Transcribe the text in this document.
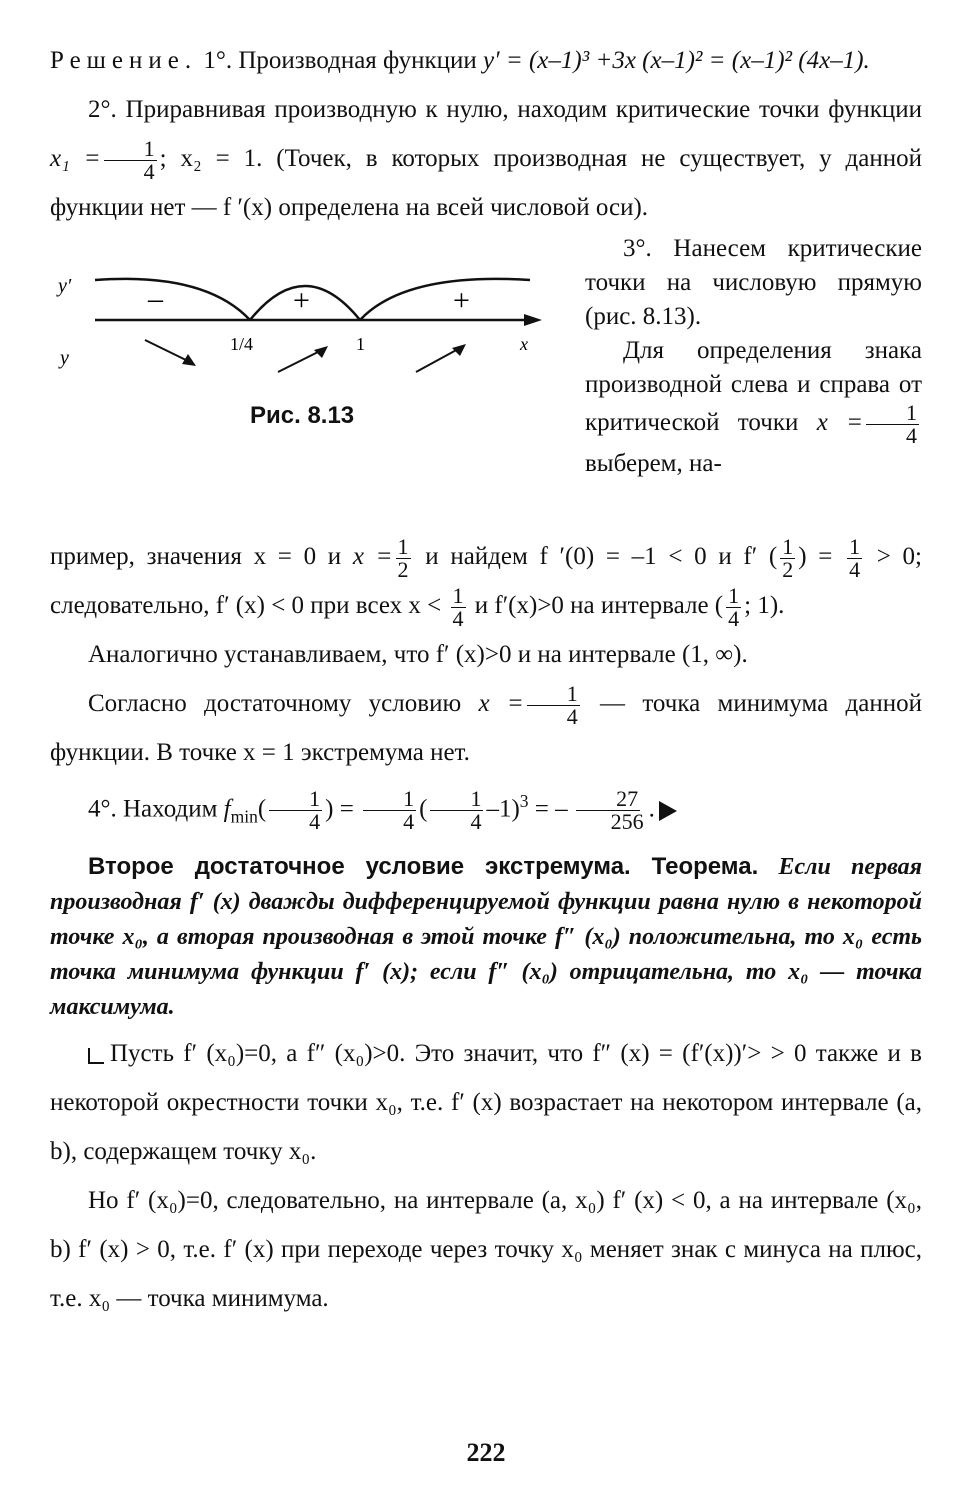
Решение. 1°. Производная функции y′ = (x–1)³ +3x (x–1)² = (x–1)² (4x–1).

2°. Приравнивая производную к нулю, находим критические точки функции $x_1 = \frac{1}{4}$ ; x₂ = 1. (Точек, в которых производная не существует, у данной функции нет — f ′(x) определена на всей числовой оси).

y′
y
–	+	+
1/4	1	x
Рис. 8.13

3°. Нанесем критические точки на числовую прямую (рис. 8.13).

Для определения знака производной слева и справа от критической точки $x = \frac{1}{4}$
выберем, на-

пример, значения x = 0 и $x = \frac{1}{2}$ и найдем f ′(0) = –1 < 0 и f′ ( $\frac{1}{2}$ ) = $\frac{1}{4} > 0$; следовательно, f′ (x) < 0 при всех $x < \frac{1}{4}$ и f′(x)>0 на интервале ( $\frac{1}{4}$ ; 1).

Аналогично устанавливаем, что f′ (x)>0 и на интервале (1, ∞).

Согласно достаточному условию $x = \frac{1}{4}$ — точка минимума данной функции. В точке x = 1 экстремума нет.

4°. Находим $f_{min}( \frac{1}{4}$ ) = $\frac{1}{4}$ ( $\frac{1}{4} -1)^3$ = – $\frac{27}{256}$ .

Второе достаточное условие экстремума. Теорема. Если первая производная f′ (x) дважды дифференцируемой функции равна нулю в некоторой точке x₀, а вторая производная в этой точке f″ (x₀) положительна, то x₀ есть точка минимума функции f′ (x); если f″ (x₀) отрицательна, то x₀ — точка максимума.

Пусть f′ (x₀)=0, а f″ (x₀)>0. Это значит, что f″ (x) = (f′(x))′> > 0 также и в некоторой окрестности точки x₀, т.е. f′ (x) возрастает на некотором интервале (a, b), содержащем точку x₀.

Но f′ (x₀)=0, следовательно, на интервале (a, x₀) f′ (x) < 0, а на интервале (x₀, b) f′ (x) > 0, т.е. f′ (x) при переходе через точку x₀ меняет знак с минуса на плюс, т.е. x₀ — точка минимума.

222
